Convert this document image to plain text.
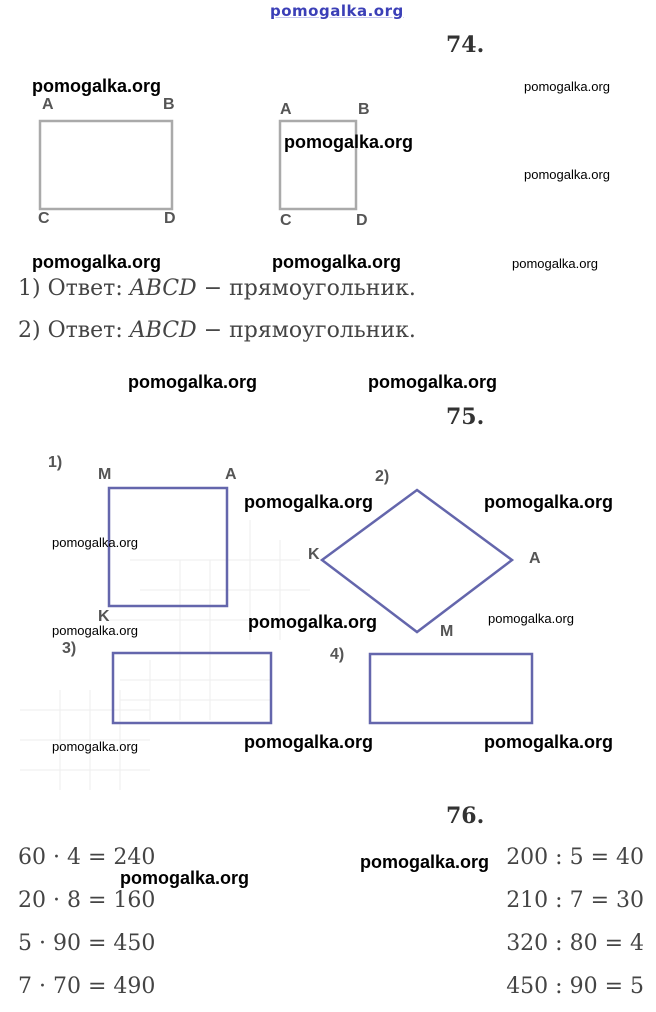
pomogalka.org
74.
pomogalka.org	pomogalka.org
pomogalka.org
A	B
C	D
A	B
C	D
pomogalka.org
pomogalka.org	pomogalka.org	pomogalka.org
1) Ответ: ABCD − прямоугольник.
2) Ответ: ABCD − прямоугольник.
pomogalka.org	pomogalka.org
75.
1)
M	A
K
2)
K	A
M
3)	4)
pomogalka.org	pomogalka.org
pomogalka.org
pomogalka.org	pomogalka.org
pomogalka.org
pomogalka.org	pomogalka.org
pomogalka.org
76.
60 · 4 = 240
20 · 8 = 160
5 · 90 = 450
7 · 70 = 490
200 : 5 = 40
210 : 7 = 30
320 : 80 = 4
450 : 90 = 5
pomogalka.org
pomogalka.org
